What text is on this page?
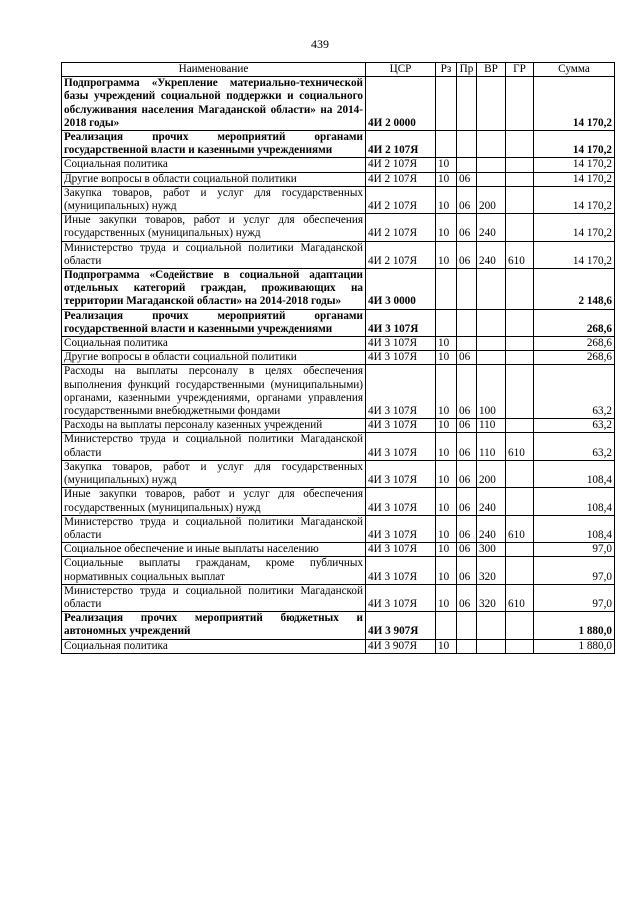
439
Наименование	ЦСР	Рз	Пр	ВР	ГР	Сумма
Подпрограмма «Укрепление материально-технической базы учреждений социальной поддержки и социального обслуживания населения Магаданской области» на 2014-2018 годы»	4И 2 0000					14 170,2
Реализация прочих мероприятий органами государственной власти и казенными учреждениями	4И 2 107Я					14 170,2
Социальная политика	4И 2 107Я	10				14 170,2
Другие вопросы в области социальной политики	4И 2 107Я	10	06			14 170,2
Закупка товаров, работ и услуг для государственных (муниципальных) нужд	4И 2 107Я	10	06	200		14 170,2
Иные закупки товаров, работ и услуг для обеспечения государственных (муниципальных) нужд	4И 2 107Я	10	06	240		14 170,2
Министерство труда и социальной политики Магаданской области	4И 2 107Я	10	06	240	610	14 170,2
Подпрограмма «Содействие в социальной адаптации отдельных категорий граждан, проживающих на территории Магаданской области» на 2014-2018 годы»	4И 3 0000					2 148,6
Реализация прочих мероприятий органами государственной власти и казенными учреждениями	4И 3 107Я					268,6
Социальная политика	4И 3 107Я	10				268,6
Другие вопросы в области социальной политики	4И 3 107Я	10	06			268,6
Расходы на выплаты персоналу в целях обеспечения выполнения функций государственными (муниципальными) органами, казенными учреждениями, органами управления государственными внебюджетными фондами	4И 3 107Я	10	06	100		63,2
Расходы на выплаты персоналу казенных учреждений	4И 3 107Я	10	06	110		63,2
Министерство труда и социальной политики Магаданской области	4И 3 107Я	10	06	110	610	63,2
Закупка товаров, работ и услуг для государственных (муниципальных) нужд	4И 3 107Я	10	06	200		108,4
Иные закупки товаров, работ и услуг для обеспечения государственных (муниципальных) нужд	4И 3 107Я	10	06	240		108,4
Министерство труда и социальной политики Магаданской области	4И 3 107Я	10	06	240	610	108,4
Социальное обеспечение и иные выплаты населению	4И 3 107Я	10	06	300		97,0
Социальные выплаты гражданам, кроме публичных нормативных социальных выплат	4И 3 107Я	10	06	320		97,0
Министерство труда и социальной политики Магаданской области	4И 3 107Я	10	06	320	610	97,0
Реализация прочих мероприятий бюджетных и автономных учреждений	4И 3 907Я					1 880,0
Социальная политика	4И 3 907Я	10				1 880,0
